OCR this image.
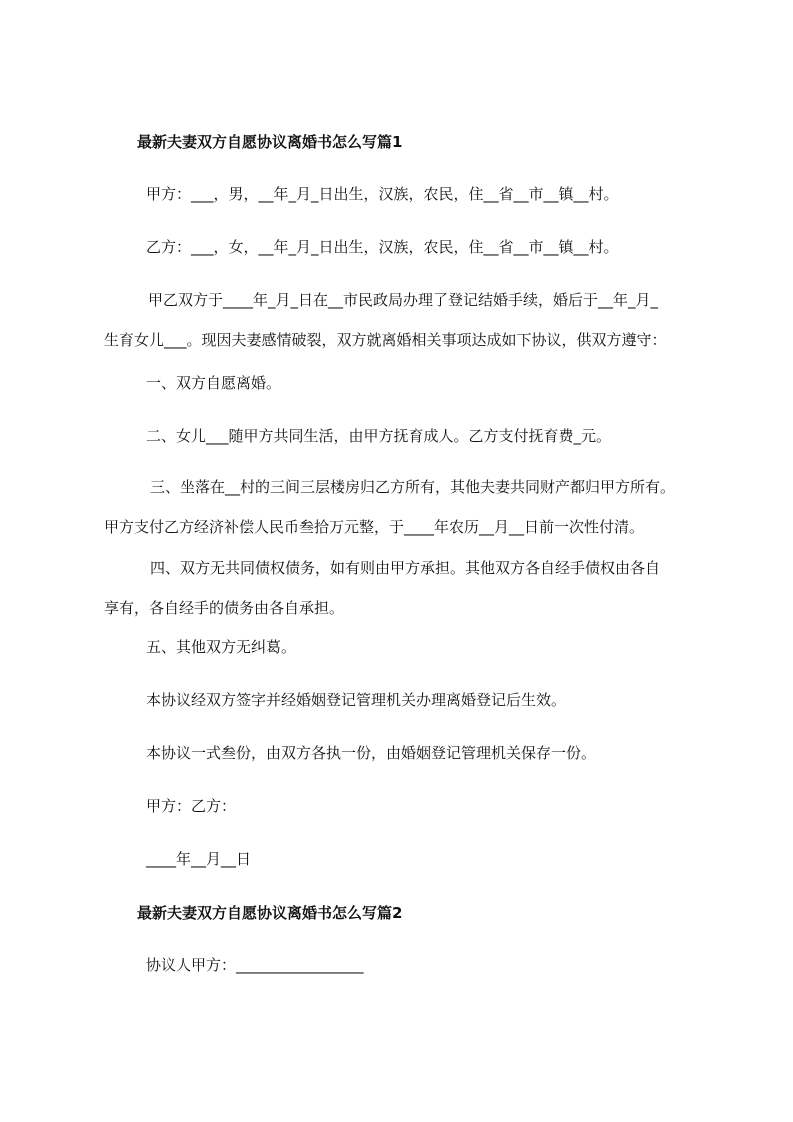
最新夫妻双方自愿协议离婚书怎么写篇1
甲方：___，男，__年_月_日出生，汉族，农民，住__省__市__镇__村。
乙方：___，女，__年_月_日出生，汉族，农民，住__省__市__镇__村。
甲乙双方于____年_月_日在__市民政局办理了登记结婚手续，婚后于__年_月_
生育女儿___。现因夫妻感情破裂，双方就离婚相关事项达成如下协议，供双方遵守：
一、双方自愿离婚。
二、女儿___随甲方共同生活，由甲方抚育成人。乙方支付抚育费_元。
三、坐落在__村的三间三层楼房归乙方所有，其他夫妻共同财产都归甲方所有。
甲方支付乙方经济补偿人民币叁拾万元整，于____年农历__月__日前一次性付清。
四、双方无共同债权债务，如有则由甲方承担。其他双方各自经手债权由各自
享有，各自经手的债务由各自承担。
五、其他双方无纠葛。
本协议经双方签字并经婚姻登记管理机关办理离婚登记后生效。
本协议一式叁份，由双方各执一份，由婚姻登记管理机关保存一份。
甲方：乙方：
____年__月__日
最新夫妻双方自愿协议离婚书怎么写篇2
协议人甲方：_________________
